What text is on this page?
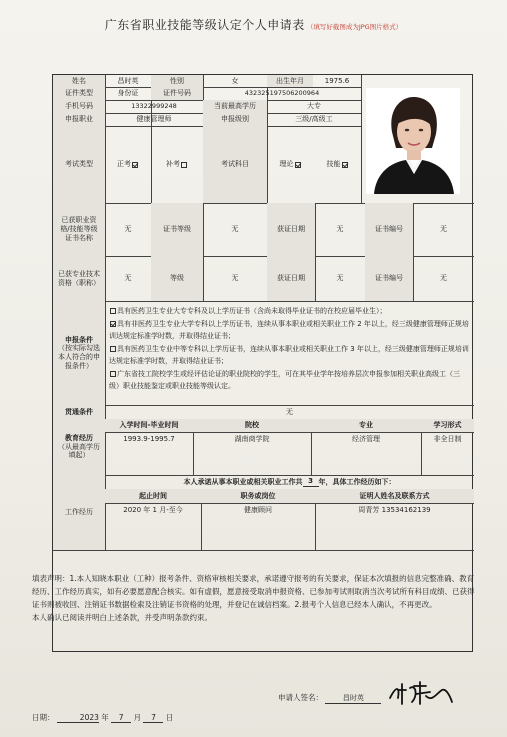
广东省职业技能等级认定个人申请表 （填写好截图成为JPG图片格式）
姓名	昌时英	性别	女	出生年月	1975.6
证件类型	身份证	证件号码	432325197506200964
手机号码	13322999248	当前最高学历	大专
申报职业	健康管理师	申报级别	三级/高级工
考试类型	正考	补考	考试科目	理论	技能
已获职业资格/技能等级证书名称
无	证书等级	无	获证日期	无	证书编号	无
已获专业技术资格（职称）
无	等级	无	获证日期	无	证书编号	无
申报条件
（按实际勾选本人符合的申报条件）
具有医药卫生专业大专专科及以上学历证书（含尚未取得毕业证书的在校应届毕业生）；
具有非医药卫生专业大学专科以上学历证书，连续从事本职业或相关职业工作 2 年以上，经三级健康管理师正规培训达规定标准学时数，并取得结业证书；
具有医药卫生专业中等专科以上学历证书，连续从事本职业或相关职业工作 3 年以上，经三级健康管理师正规培训达规定标准学时数，并取得结业证书；
广东省技工院校学生或经评估论证的职业院校的学生，可在其毕业学年按培养层次申报参加相关职业高级工（三级）职业技能鉴定或职业技能等级认定。
贯通条件	无
教育经历
（从最高学历填起）
入学时间-毕业时间	院校	专业	学习形式
1993.9-1995.7	湖南商学院	经济管理	非全日制
本人承诺从事本职业或相关职业工作共 3 年，具体工作经历如下：
工作经历
起止时间	职务或岗位	证明人姓名及联系方式
2020 年 1 月-至今	健康顾问	周青芳 13534162139
填表声明：1.本人知晓本职业（工种）报考条件、资格审核相关要求，承诺遵守报考的有关要求，保证本次填报的信息完整准确、教育经历、工作经历真实，如有必要愿意配合核实。如有虚假，愿意接受取消申报资格、已参加考试则取消当次考试所有科目成绩、已获得证书则被收回、注销证书数据检索及注销证书资格的处理，并登记在诚信档案。2.报考个人信息已经本人确认，不再更改。
本人确认已阅读并明白上述条款，并受声明条款约束。
申请人签名：	昌时英
日期：	2023 年 7 月 7 日
